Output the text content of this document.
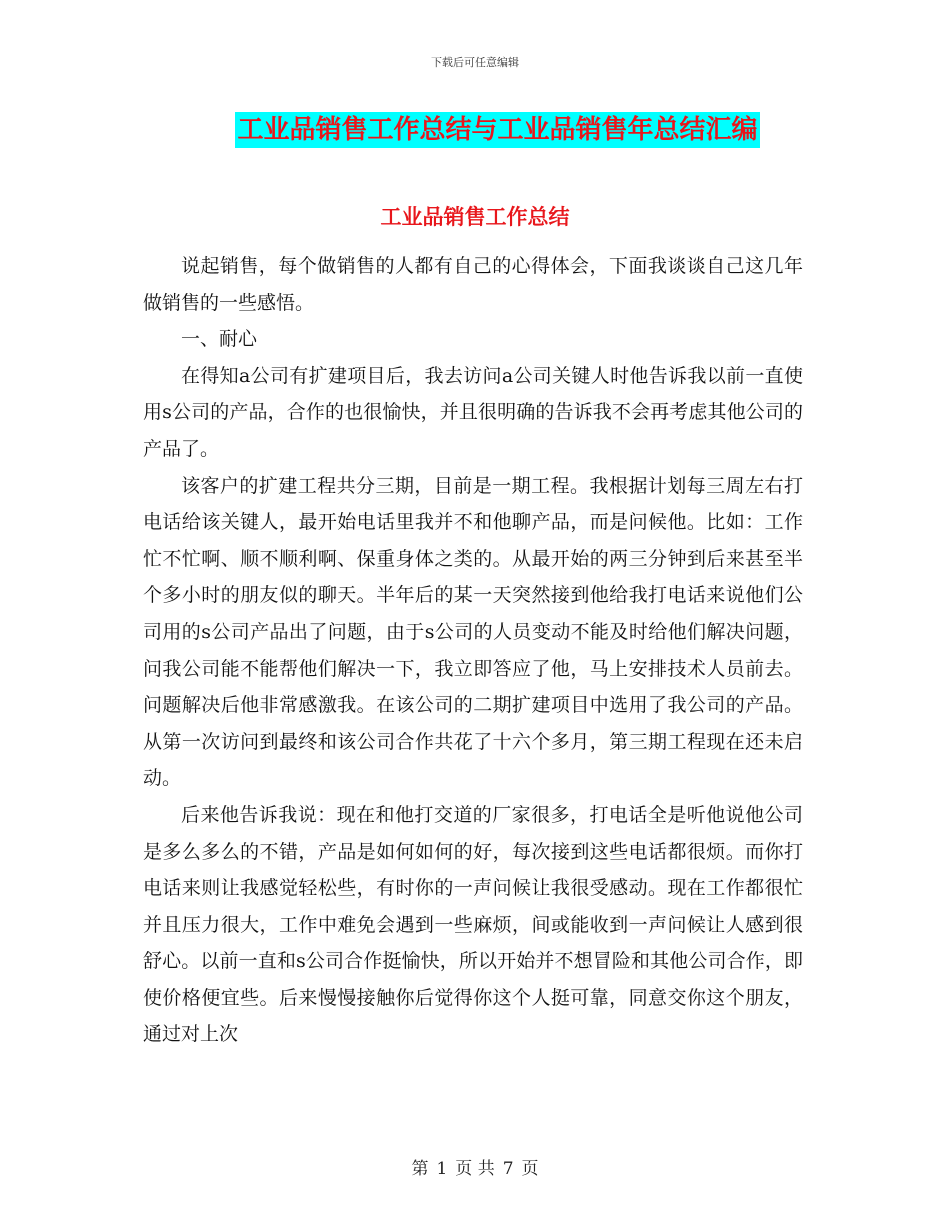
下载后可任意编辑
工业品销售工作总结与工业品销售年总结汇编
工业品销售工作总结

说起销售，每个做销售的人都有自己的心得体会，下面我谈谈自己这几年做销售的一些感悟。

一、耐心

在得知a公司有扩建项目后，我去访问a公司关键人时他告诉我以前一直使用s公司的产品，合作的也很愉快，并且很明确的告诉我不会再考虑其他公司的产品了。

该客户的扩建工程共分三期，目前是一期工程。我根据计划每三周左右打电话给该关键人，最开始电话里我并不和他聊产品，而是问候他。比如：工作忙不忙啊、顺不顺利啊、保重身体之类的。从最开始的两三分钟到后来甚至半个多小时的朋友似的聊天。半年后的某一天突然接到他给我打电话来说他们公司用的s公司产品出了问题，由于s公司的人员变动不能及时给他们解决问题，问我公司能不能帮他们解决一下，我立即答应了他，马上安排技术人员前去。问题解决后他非常感激我。在该公司的二期扩建项目中选用了我公司的产品。从第一次访问到最终和该公司合作共花了十六个多月，第三期工程现在还未启动。

后来他告诉我说：现在和他打交道的厂家很多，打电话全是听他说他公司是多么多么的不错，产品是如何如何的好，每次接到这些电话都很烦。而你打电话来则让我感觉轻松些，有时你的一声问候让我很受感动。现在工作都很忙并且压力很大，工作中难免会遇到一些麻烦，间或能收到一声问候让人感到很舒心。以前一直和s公司合作挺愉快，所以开始并不想冒险和其他公司合作，即使价格便宜些。后来慢慢接触你后觉得你这个人挺可靠，同意交你这个朋友，通过对上次

第 1 页 共 7 页
